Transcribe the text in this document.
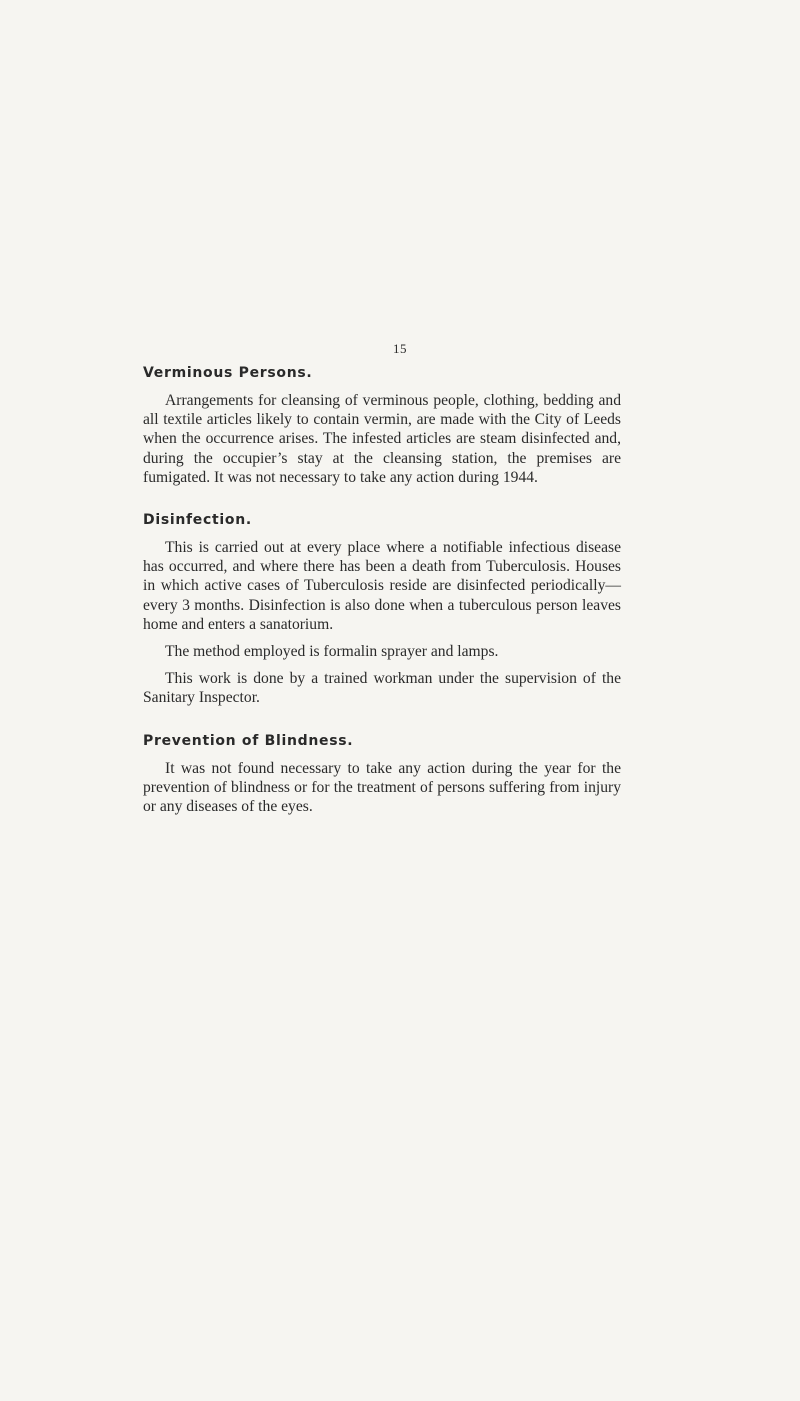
15
Verminous Persons.

Arrangements for cleansing of verminous people, clothing, bedding and all textile articles likely to contain vermin, are made with the City of Leeds when the occurrence arises. The infested articles are steam disinfected and, during the occupier’s stay at the cleansing station, the premises are fumigated. It was not necessary to take any action during 1944.

Disinfection.

This is carried out at every place where a notifiable infectious disease has occurred, and where there has been a death from Tuberculosis. Houses in which active cases of Tuberculosis reside are disinfected periodically—every 3 months. Disinfection is also done when a tuberculous person leaves home and enters a sanatorium.

The method employed is formalin sprayer and lamps.

This work is done by a trained workman under the supervision of the Sanitary Inspector.

Prevention of Blindness.

It was not found necessary to take any action during the year for the prevention of blindness or for the treatment of persons suffering from injury or any diseases of the eyes.
